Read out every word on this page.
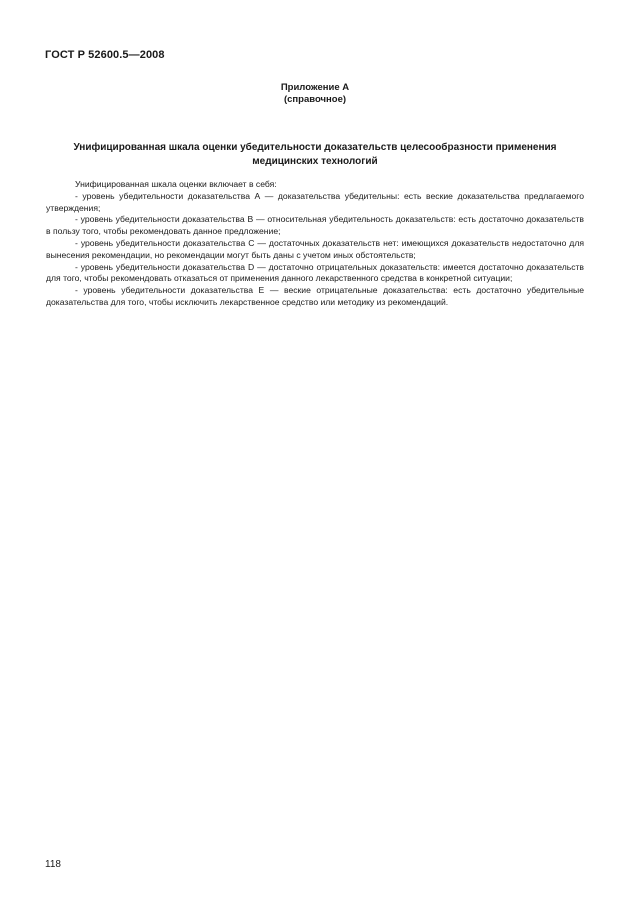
ГОСТ Р 52600.5—2008
Приложение А
(справочное)
Унифицированная шкала оценки убедительности доказательств целесообразности применения медицинских технологий

Унифицированная шкала оценки включает в себя:

- уровень убедительности доказательства А — доказательства убедительны: есть веские доказательства предлагаемого утверждения;

- уровень убедительности доказательства В — относительная убедительность доказательств: есть достаточно доказательств в пользу того, чтобы рекомендовать данное предложение;

- уровень убедительности доказательства С — достаточных доказательств нет: имеющихся доказательств недостаточно для вынесения рекомендации, но рекомендации могут быть даны с учетом иных обстоятельств;

- уровень убедительности доказательства D — достаточно отрицательных доказательств: имеется достаточно доказательств для того, чтобы рекомендовать отказаться от применения данного лекарственного средства в конкретной ситуации;

- уровень убедительности доказательства Е — веские отрицательные доказательства: есть достаточно убедительные доказательства для того, чтобы исключить лекарственное средство или методику из рекомендаций.

118
